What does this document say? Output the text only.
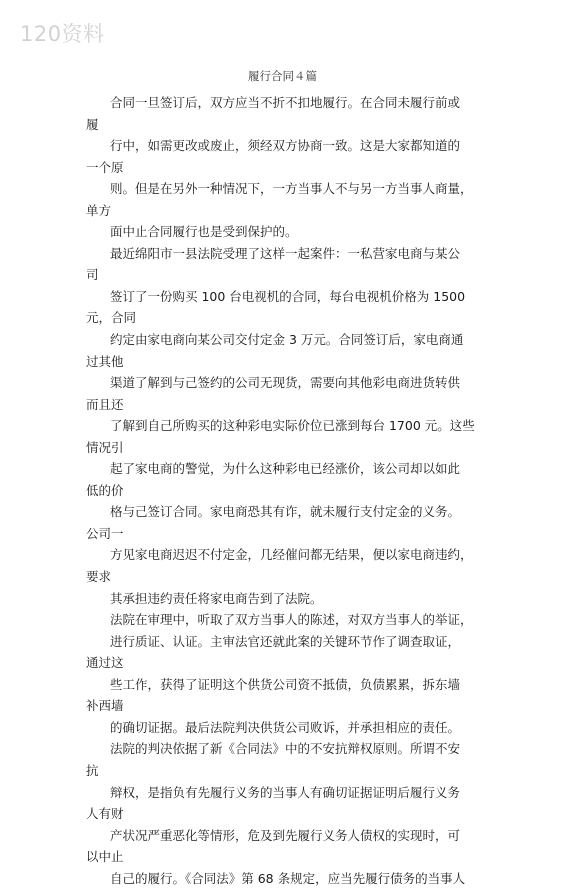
120资料
履行合同４篇
合同一旦签订后，双方应当不折不扣地履行。在合同未履行前或
履
行中，如需更改或废止，须经双方协商一致。这是大家都知道的
一个原
则。但是在另外一种情况下，一方当事人不与另一方当事人商量，
单方
面中止合同履行也是受到保护的。
最近绵阳市一县法院受理了这样一起案件：一私营家电商与某公
司
签订了一份购买 100 台电视机的合同，每台电视机价格为 1500
元，合同
约定由家电商向某公司交付定金 3 万元。合同签订后，家电商通
过其他
渠道了解到与己签约的公司无现货，需要向其他彩电商进货转供
而且还
了解到自己所购买的这种彩电实际价位已涨到每台 1700 元。这些
情况引
起了家电商的警觉，为什么这种彩电已经涨价，该公司却以如此
低的价
格与己签订合同。家电商恐其有诈，就未履行支付定金的义务。
公司一
方见家电商迟迟不付定金，几经催问都无结果，便以家电商违约，
要求
其承担违约责任将家电商告到了法院。
法院在审理中，听取了双方当事人的陈述，对双方当事人的举证，
进行质证、认证。主审法官还就此案的关键环节作了调查取证，
通过这
些工作，获得了证明这个供货公司资不抵债，负债累累，拆东墙
补西墙
的确切证据。最后法院判决供货公司败诉，并承担相应的责任。
法院的判决依据了新《合同法》中的不安抗辩权原则。所谓不安
抗
辩权，是指负有先履行义务的当事人有确切证据证明后履行义务
人有财
产状况严重恶化等情形，危及到先履行义务人债权的实现时，可
以中止
自己的履行。《合同法》第 68 条规定，应当先履行债务的当事人
